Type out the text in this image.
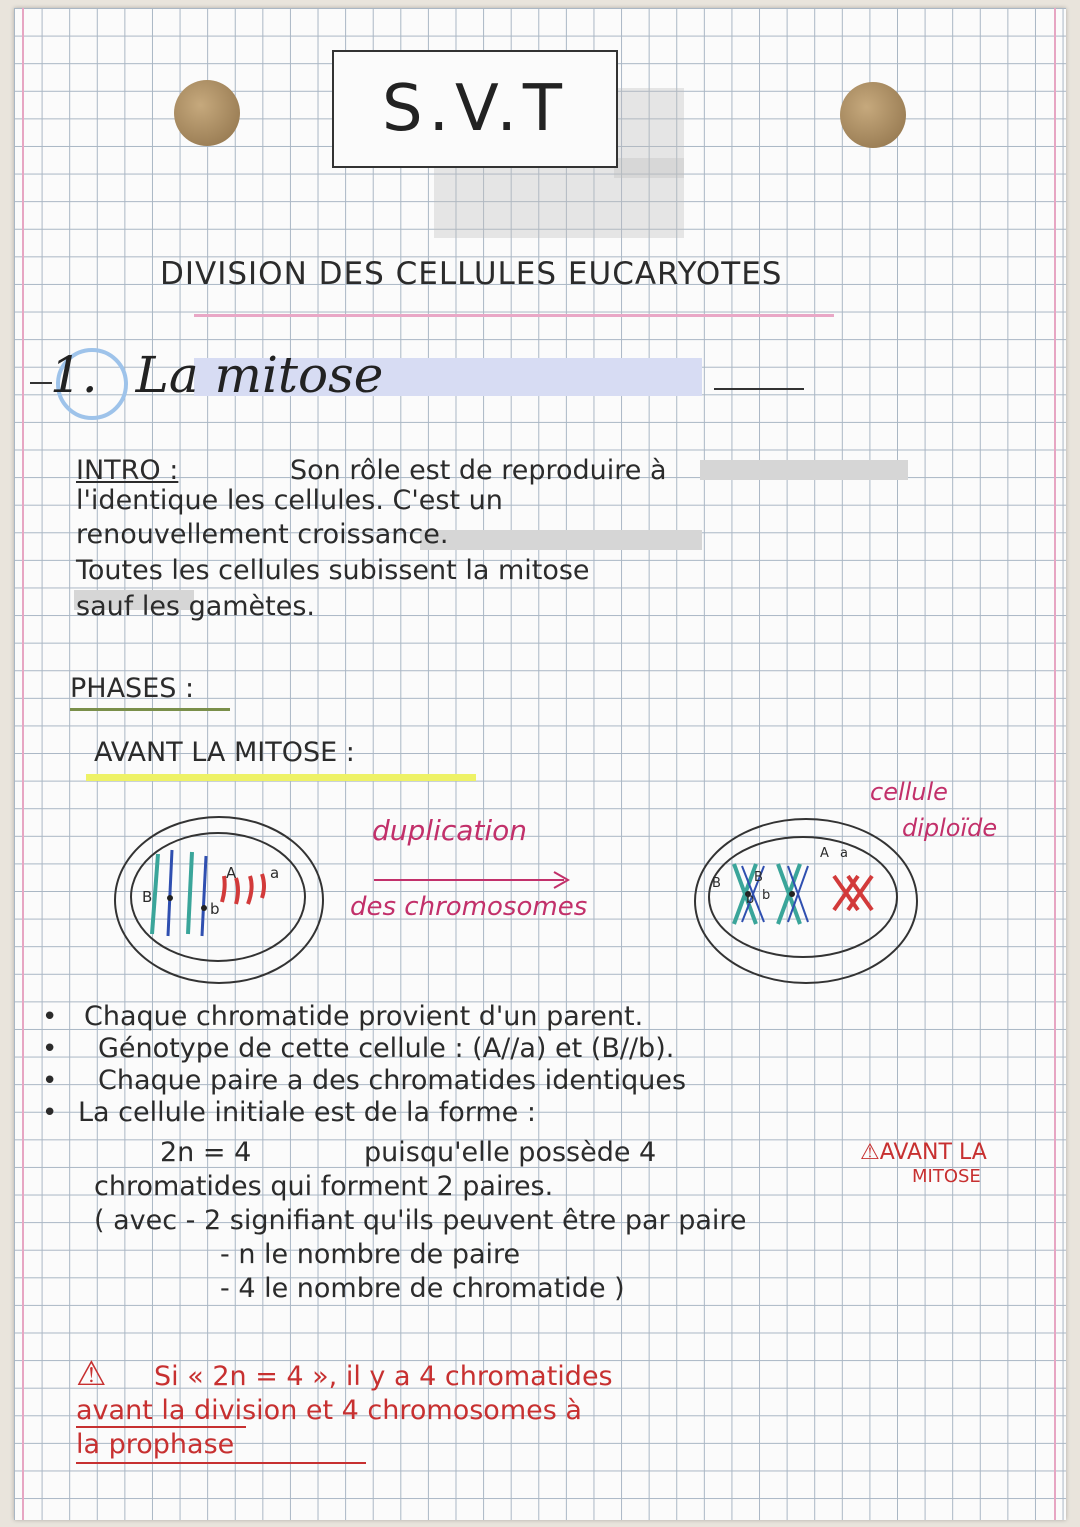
S.V.T
DIVISION DES CELLULES EUCARYOTES
1. La mitose
INTRO :	Son rôle est de reproduire à
l'identique les cellules. C'est un
renouvellement croissance.
Toutes les cellules subissent la mitose
sauf les gamètes.
PHASES :
AVANT LA MITOSE :
B
b
A a
duplication
des chromosomes
B
b
B
b
A a
cellule
diploïde
• Chaque chromatide provient d'un parent.
• Génotype de cette cellule : (A//a) et (B//b).
• Chaque paire a des chromatides identiques
• La cellule initiale est de la forme :
2n = 4	puisqu'elle possède 4	⚠AVANT LA
MITOSE
chromatides qui forment 2 paires.
( avec - 2 signifiant qu'ils peuvent être par paire
- n le nombre de paire
- 4 le nombre de chromatide )
⚠ Si « 2n = 4 », il y a 4 chromatides
avant la division et 4 chromosomes à
la prophase
